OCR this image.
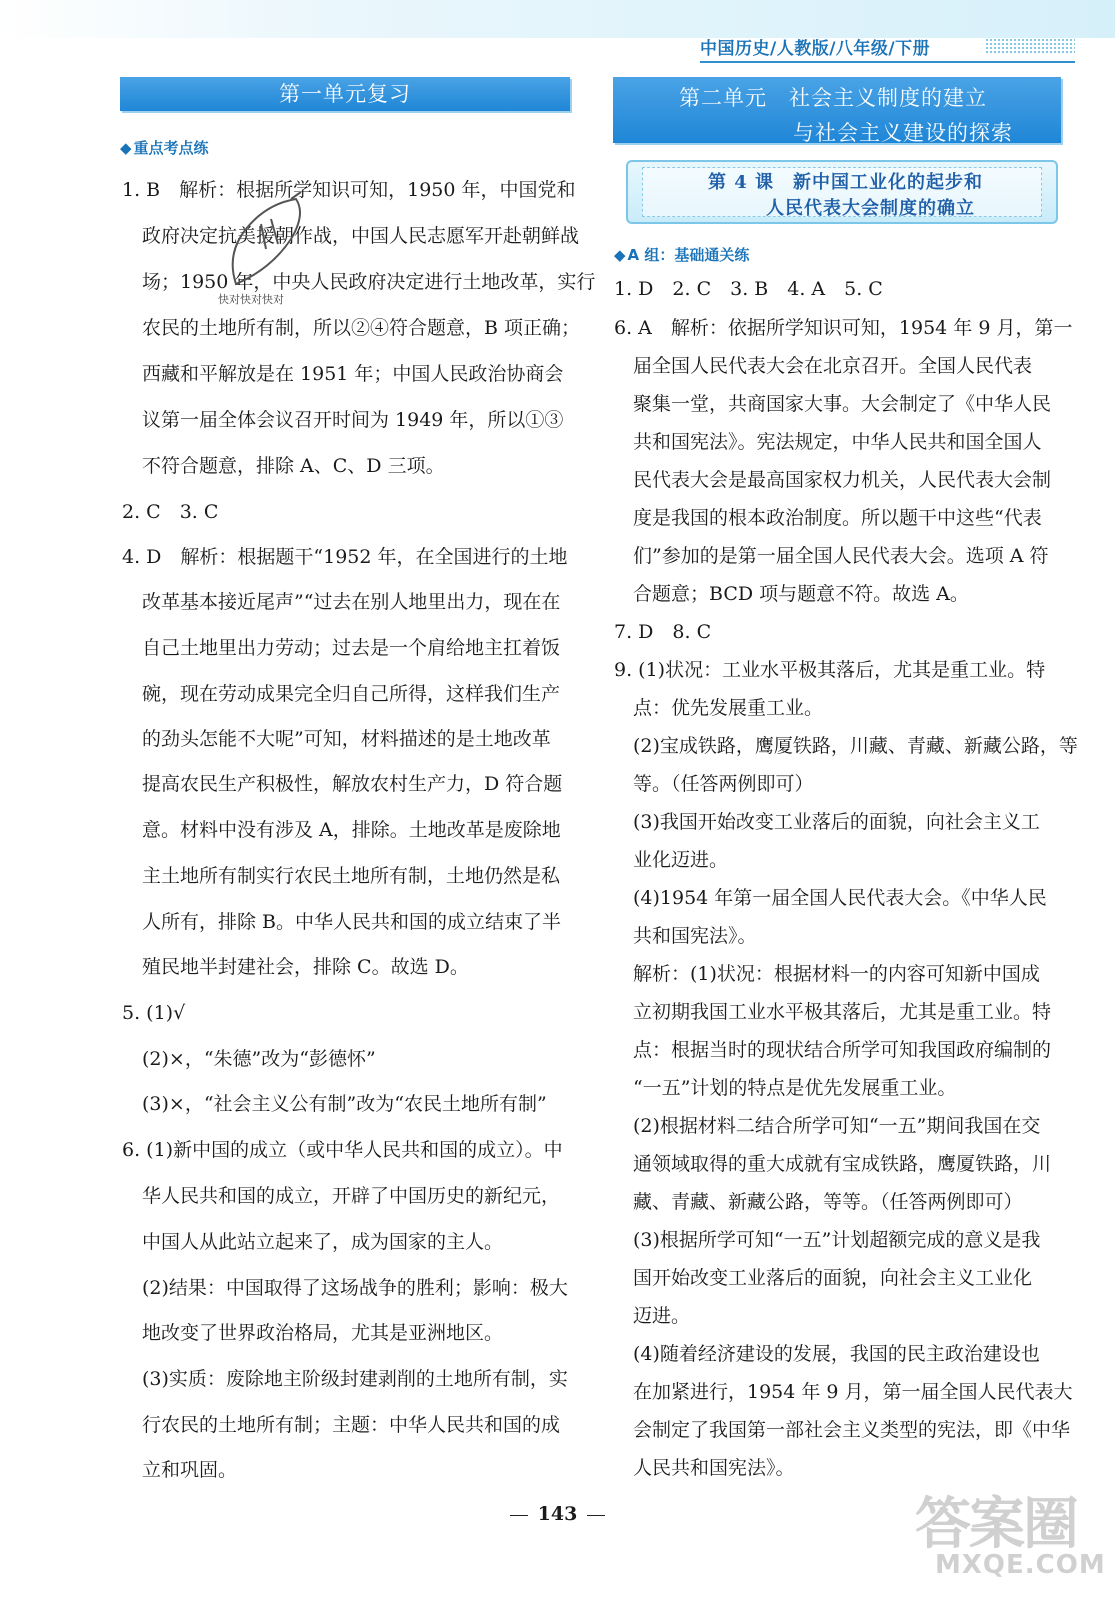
中国历史/人教版/八年级/下册
第一单元复习
◆ 重点考点练
1. B　解析：根据所学知识可知，1950 年，中国党和
政府决定抗美援朝作战，中国人民志愿军开赴朝鲜战
场；1950 年，中央人民政府决定进行土地改革，实行
农民的土地所有制，所以②④符合题意，B 项正确；
西藏和平解放是在 1951 年；中国人民政治协商会
议第一届全体会议召开时间为 1949 年，所以①③
不符合题意，排除 A、C、D 三项。
2. C　3. C
4. D　解析：根据题干“1952 年，在全国进行的土地
改革基本接近尾声”“过去在别人地里出力，现在在
自己土地里出力劳动；过去是一个肩给地主扛着饭
碗，现在劳动成果完全归自己所得，这样我们生产
的劲头怎能不大呢”可知，材料描述的是土地改革
提高农民生产积极性，解放农村生产力，D 符合题
意。材料中没有涉及 A，排除。土地改革是废除地
主土地所有制实行农民土地所有制，土地仍然是私
人所有，排除 B。中华人民共和国的成立结束了半
殖民地半封建社会，排除 C。故选 D。
5. (1)√
(2)×，“朱德”改为“彭德怀”
(3)×，“社会主义公有制”改为“农民土地所有制”
6. (1)新中国的成立（或中华人民共和国的成立）。中
华人民共和国的成立，开辟了中国历史的新纪元，
中国人从此站立起来了，成为国家的主人。
(2)结果：中国取得了这场战争的胜利；影响：极大
地改变了世界政治格局，尤其是亚洲地区。
(3)实质：废除地主阶级封建剥削的土地所有制，实
行农民的土地所有制；主题：中华人民共和国的成
立和巩固。
快对快对快对
第二单元　社会主义制度的建立
与社会主义建设的探索
第 4 课　新中国工业化的起步和
人民代表大会制度的确立
◆ A 组：基础通关练
1. D　2. C　3. B　4. A　5. C
6. A　解析：依据所学知识可知，1954 年 9 月，第一
届全国人民代表大会在北京召开。全国人民代表
聚集一堂，共商国家大事。大会制定了《中华人民
共和国宪法》。宪法规定，中华人民共和国全国人
民代表大会是最高国家权力机关，人民代表大会制
度是我国的根本政治制度。所以题干中这些“代表
们”参加的是第一届全国人民代表大会。选项 A 符
合题意；BCD 项与题意不符。故选 A。
7. D　8. C
9. (1)状况：工业水平极其落后，尤其是重工业。特
点：优先发展重工业。
(2)宝成铁路，鹰厦铁路，川藏、青藏、新藏公路，等
等。（任答两例即可）
(3)我国开始改变工业落后的面貌，向社会主义工
业化迈进。
(4)1954 年第一届全国人民代表大会。《中华人民
共和国宪法》。
解析：(1)状况：根据材料一的内容可知新中国成
立初期我国工业水平极其落后，尤其是重工业。特
点：根据当时的现状结合所学可知我国政府编制的
“一五”计划的特点是优先发展重工业。
(2)根据材料二结合所学可知“一五”期间我国在交
通领域取得的重大成就有宝成铁路，鹰厦铁路，川
藏、青藏、新藏公路，等等。（任答两例即可）
(3)根据所学可知“一五”计划超额完成的意义是我
国开始改变工业落后的面貌，向社会主义工业化
迈进。
(4)随着经济建设的发展，我国的民主政治建设也
在加紧进行，1954 年 9 月，第一届全国人民代表大
会制定了我国第一部社会主义类型的宪法，即《中华
人民共和国宪法》。
143	答案圈
MXQE.COM
